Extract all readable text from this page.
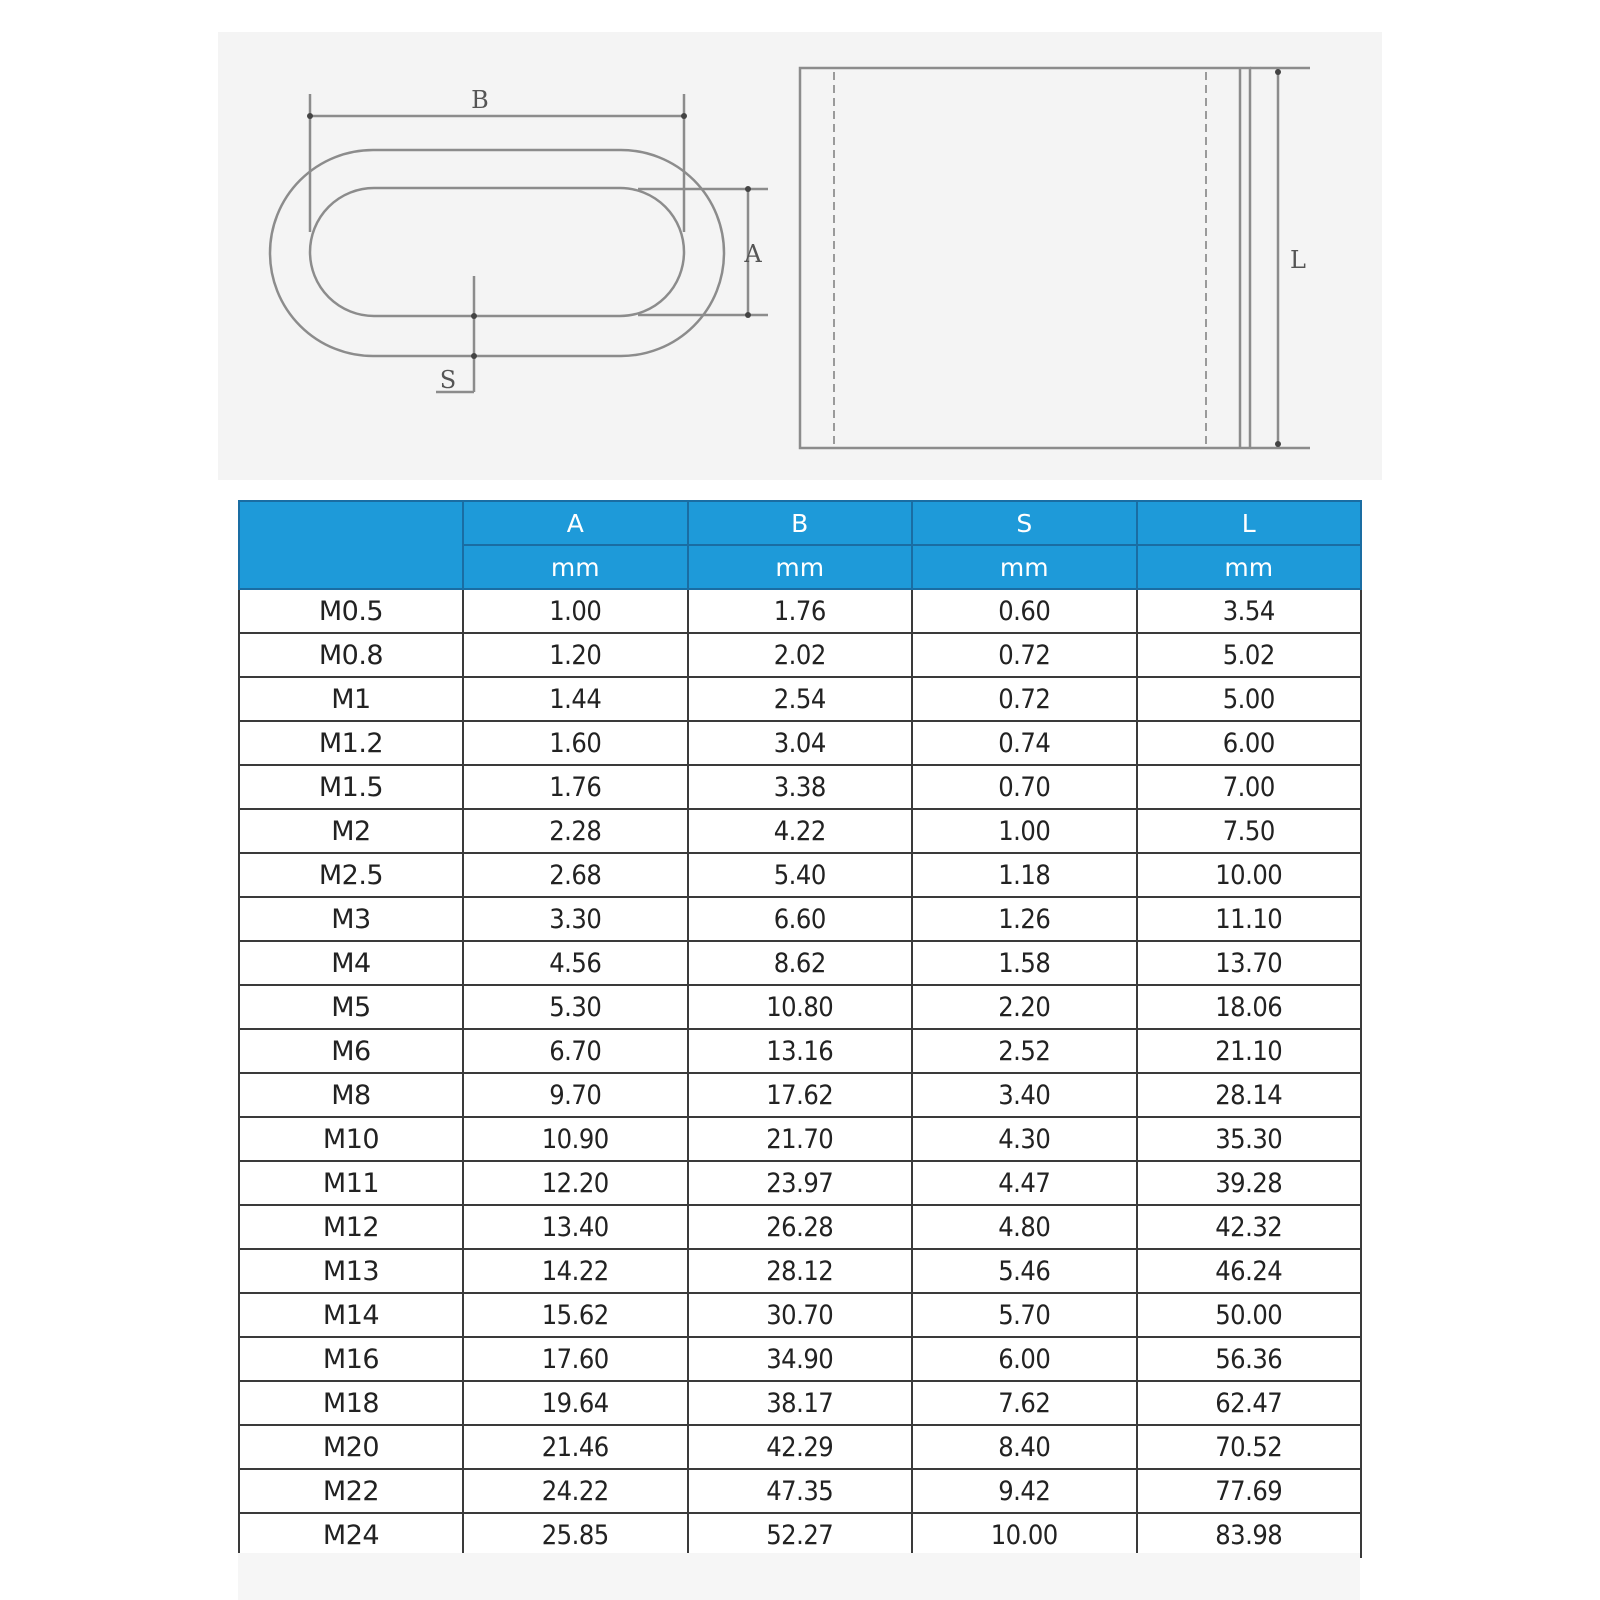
B
A
S
L
	A	B	S	L
	mm	mm	mm	mm
M0.5	1.00	1.76	0.60	3.54
M0.8	1.20	2.02	0.72	5.02
M1	1.44	2.54	0.72	5.00
M1.2	1.60	3.04	0.74	6.00
M1.5	1.76	3.38	0.70	7.00
M2	2.28	4.22	1.00	7.50
M2.5	2.68	5.40	1.18	10.00
M3	3.30	6.60	1.26	11.10
M4	4.56	8.62	1.58	13.70
M5	5.30	10.80	2.20	18.06
M6	6.70	13.16	2.52	21.10
M8	9.70	17.62	3.40	28.14
M10	10.90	21.70	4.30	35.30
M11	12.20	23.97	4.47	39.28
M12	13.40	26.28	4.80	42.32
M13	14.22	28.12	5.46	46.24
M14	15.62	30.70	5.70	50.00
M16	17.60	34.90	6.00	56.36
M18	19.64	38.17	7.62	62.47
M20	21.46	42.29	8.40	70.52
M22	24.22	47.35	9.42	77.69
M24	25.85	52.27	10.00	83.98
